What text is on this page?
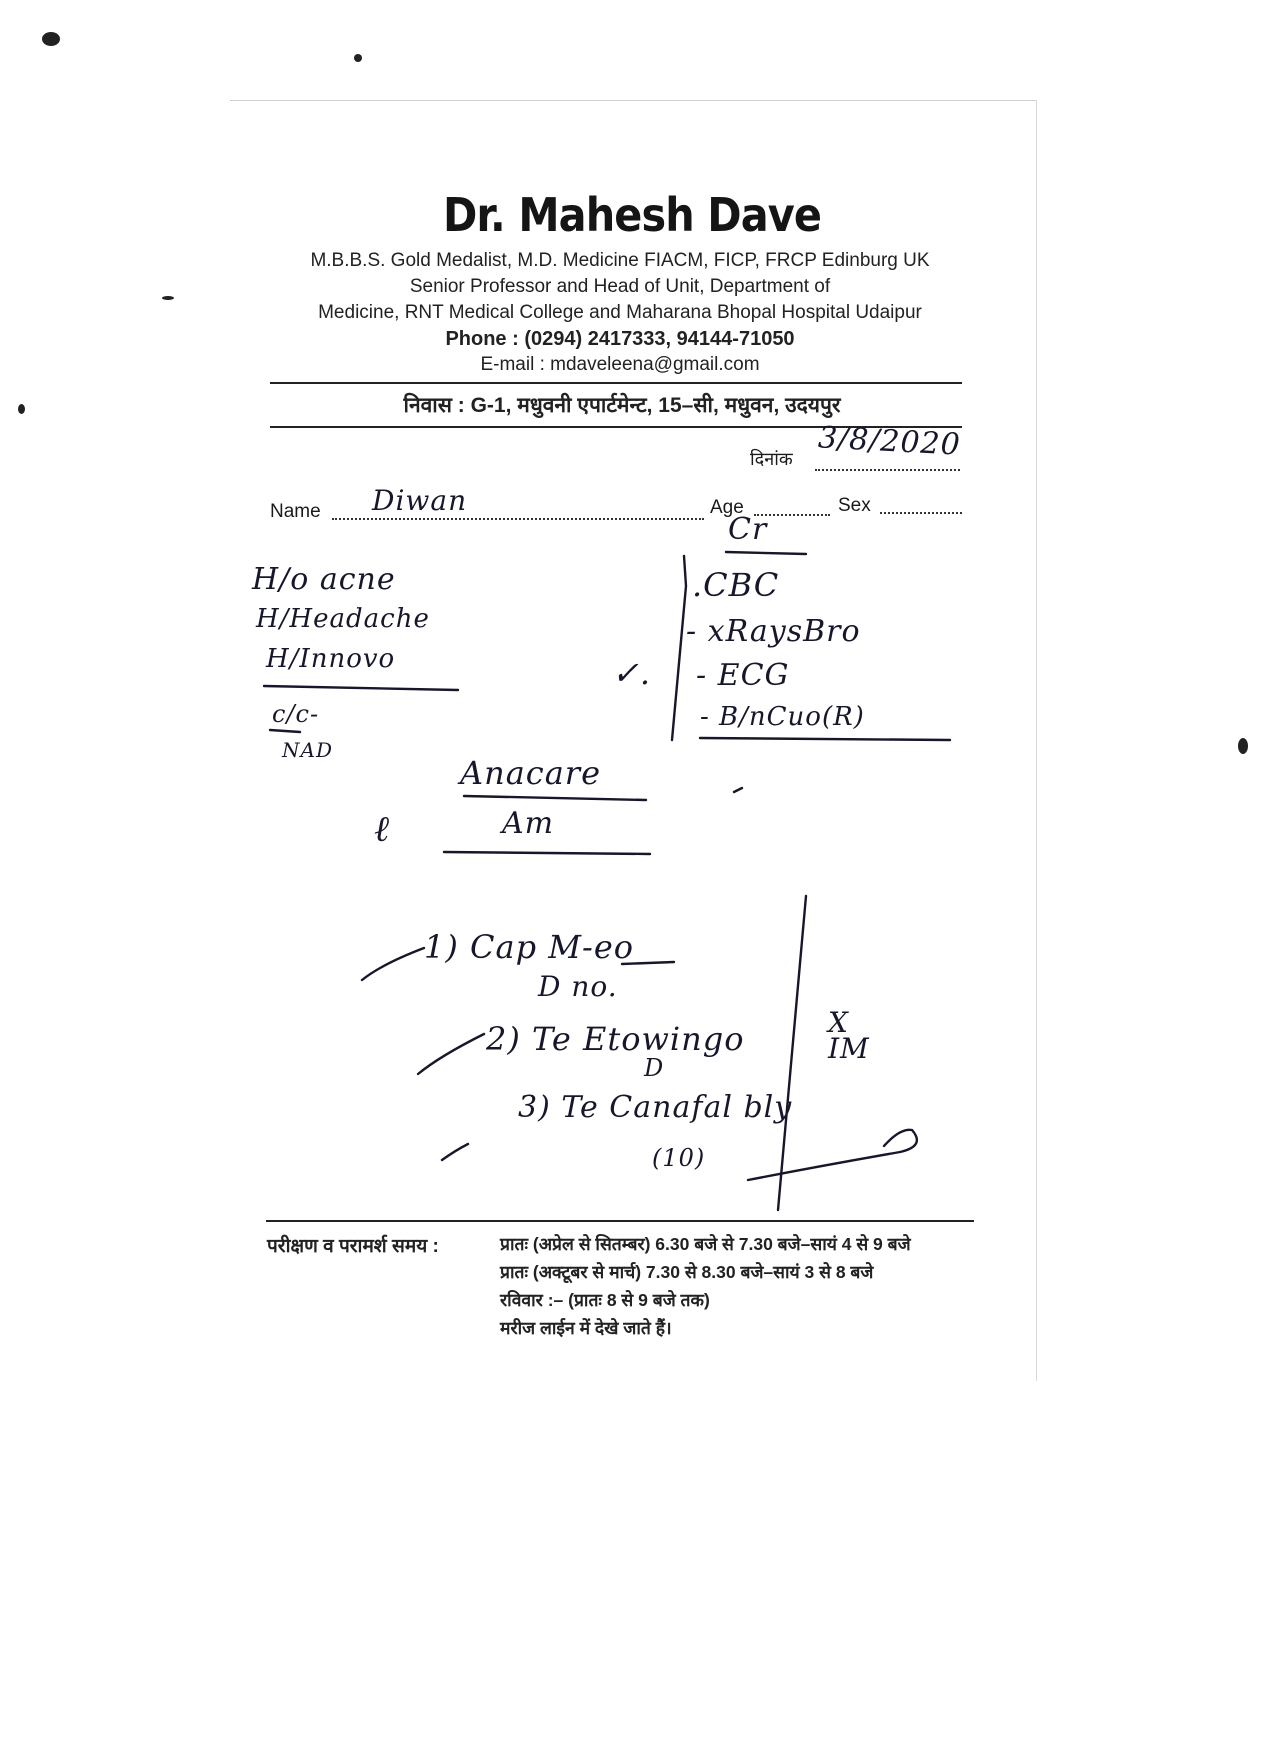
Dr. Mahesh Dave
M.B.B.S. Gold Medalist, M.D. Medicine FIACM, FICP, FRCP Edinburg UK
Senior Professor and Head of Unit, Department of
Medicine, RNT Medical College and Maharana Bhopal Hospital Udaipur
Phone : (0294) 2417333, 94144-71050
E-mail : mdaveleena@gmail.com
निवास : G-1, मधुवनी एपार्टमेन्ट, 15–सी, मधुवन, उदयपुर
दिनांक 3/8/2020
Name Diwan	Age	Sex
H/o acne
H/Headache
H/Innovo
c/c-
NAD
Cr
✓.
.CBC
- xRaysBro
- ECG
- B/nCuo(R)
Anacare
Am
ℓ
1) Cap M-eo
D no.
2) Te Etowingo
D
3) Te Canafal bly
(10)
X IM
परीक्षण व परामर्श समय :	प्रातः (अप्रेल से सितम्बर) 6.30 बजे से 7.30 बजे–सायं 4 से 9 बजे
प्रातः (अक्टूबर से मार्च) 7.30 से 8.30 बजे–सायं 3 से 8 बजे
रविवार :– (प्रातः 8 से 9 बजे तक)
मरीज लाईन में देखे जाते हैं।
